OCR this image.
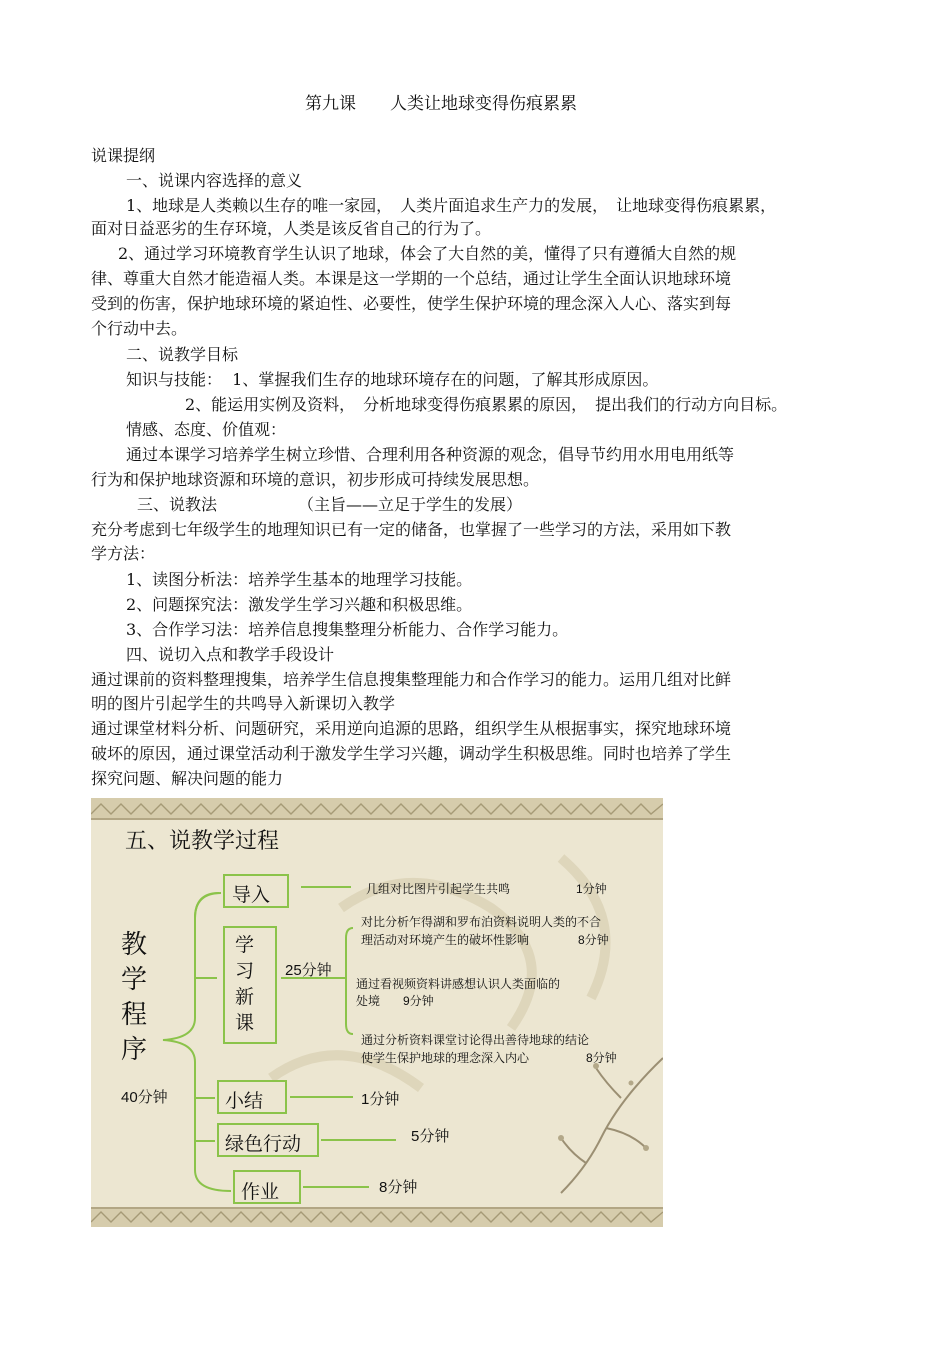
第九课　　人类让地球变得伤痕累累
说课提纲
一、说课内容选择的意义
1、地球是人类赖以生存的唯一家园，　人类片面追求生产力的发展，　让地球变得伤痕累累，
面对日益恶劣的生存环境，人类是该反省自己的行为了。
2、通过学习环境教育学生认识了地球，体会了大自然的美，懂得了只有遵循大自然的规
律、尊重大自然才能造福人类。本课是这一学期的一个总结，通过让学生全面认识地球环境
受到的伤害，保护地球环境的紧迫性、必要性，使学生保护环境的理念深入人心、落实到每
个行动中去。
二、说教学目标
知识与技能：  1、掌握我们生存的地球环境存在的问题，了解其形成原因。
2、能运用实例及资料，　分析地球变得伤痕累累的原因，　提出我们的行动方向目标。
情感、态度、价值观：
通过本课学习培养学生树立珍惜、合理利用各种资源的观念，倡导节约用水用电用纸等
行为和保护地球资源和环境的意识，初步形成可持续发展思想。
三、说教法	（主旨——立足于学生的发展）
充分考虑到七年级学生的地理知识已有一定的储备，也掌握了一些学习的方法，采用如下教
学方法：
1、读图分析法：培养学生基本的地理学习技能。
2、问题探究法：激发学生学习兴趣和积极思维。
3、合作学习法：培养信息搜集整理分析能力、合作学习能力。
四、说切入点和教学手段设计
通过课前的资料整理搜集，培养学生信息搜集整理能力和合作学习的能力。运用几组对比鲜
明的图片引起学生的共鸣导入新课切入教学
通过课堂材料分析、问题研究，采用逆向追源的思路，组织学生从根据事实，探究地球环境
破坏的原因，通过课堂活动利于激发学生学习兴趣，调动学生积极思维。同时也培养了学生
探究问题、解决问题的能力
五、说教学过程
教
学
程
序
40分钟
导入
学
习
新
课
25分钟
小结
绿色行动
作业
几组对比图片引起学生共鸣	1分钟
对比分析乍得湖和罗布泊资料说明人类的不合
理活动对环境产生的破坏性影响	8分钟
通过看视频资料讲感想认识人类面临的
处境 9分钟
通过分析资料课堂讨论得出善待地球的结论
使学生保护地球的理念深入内心	8分钟
1分钟
5分钟
8分钟
